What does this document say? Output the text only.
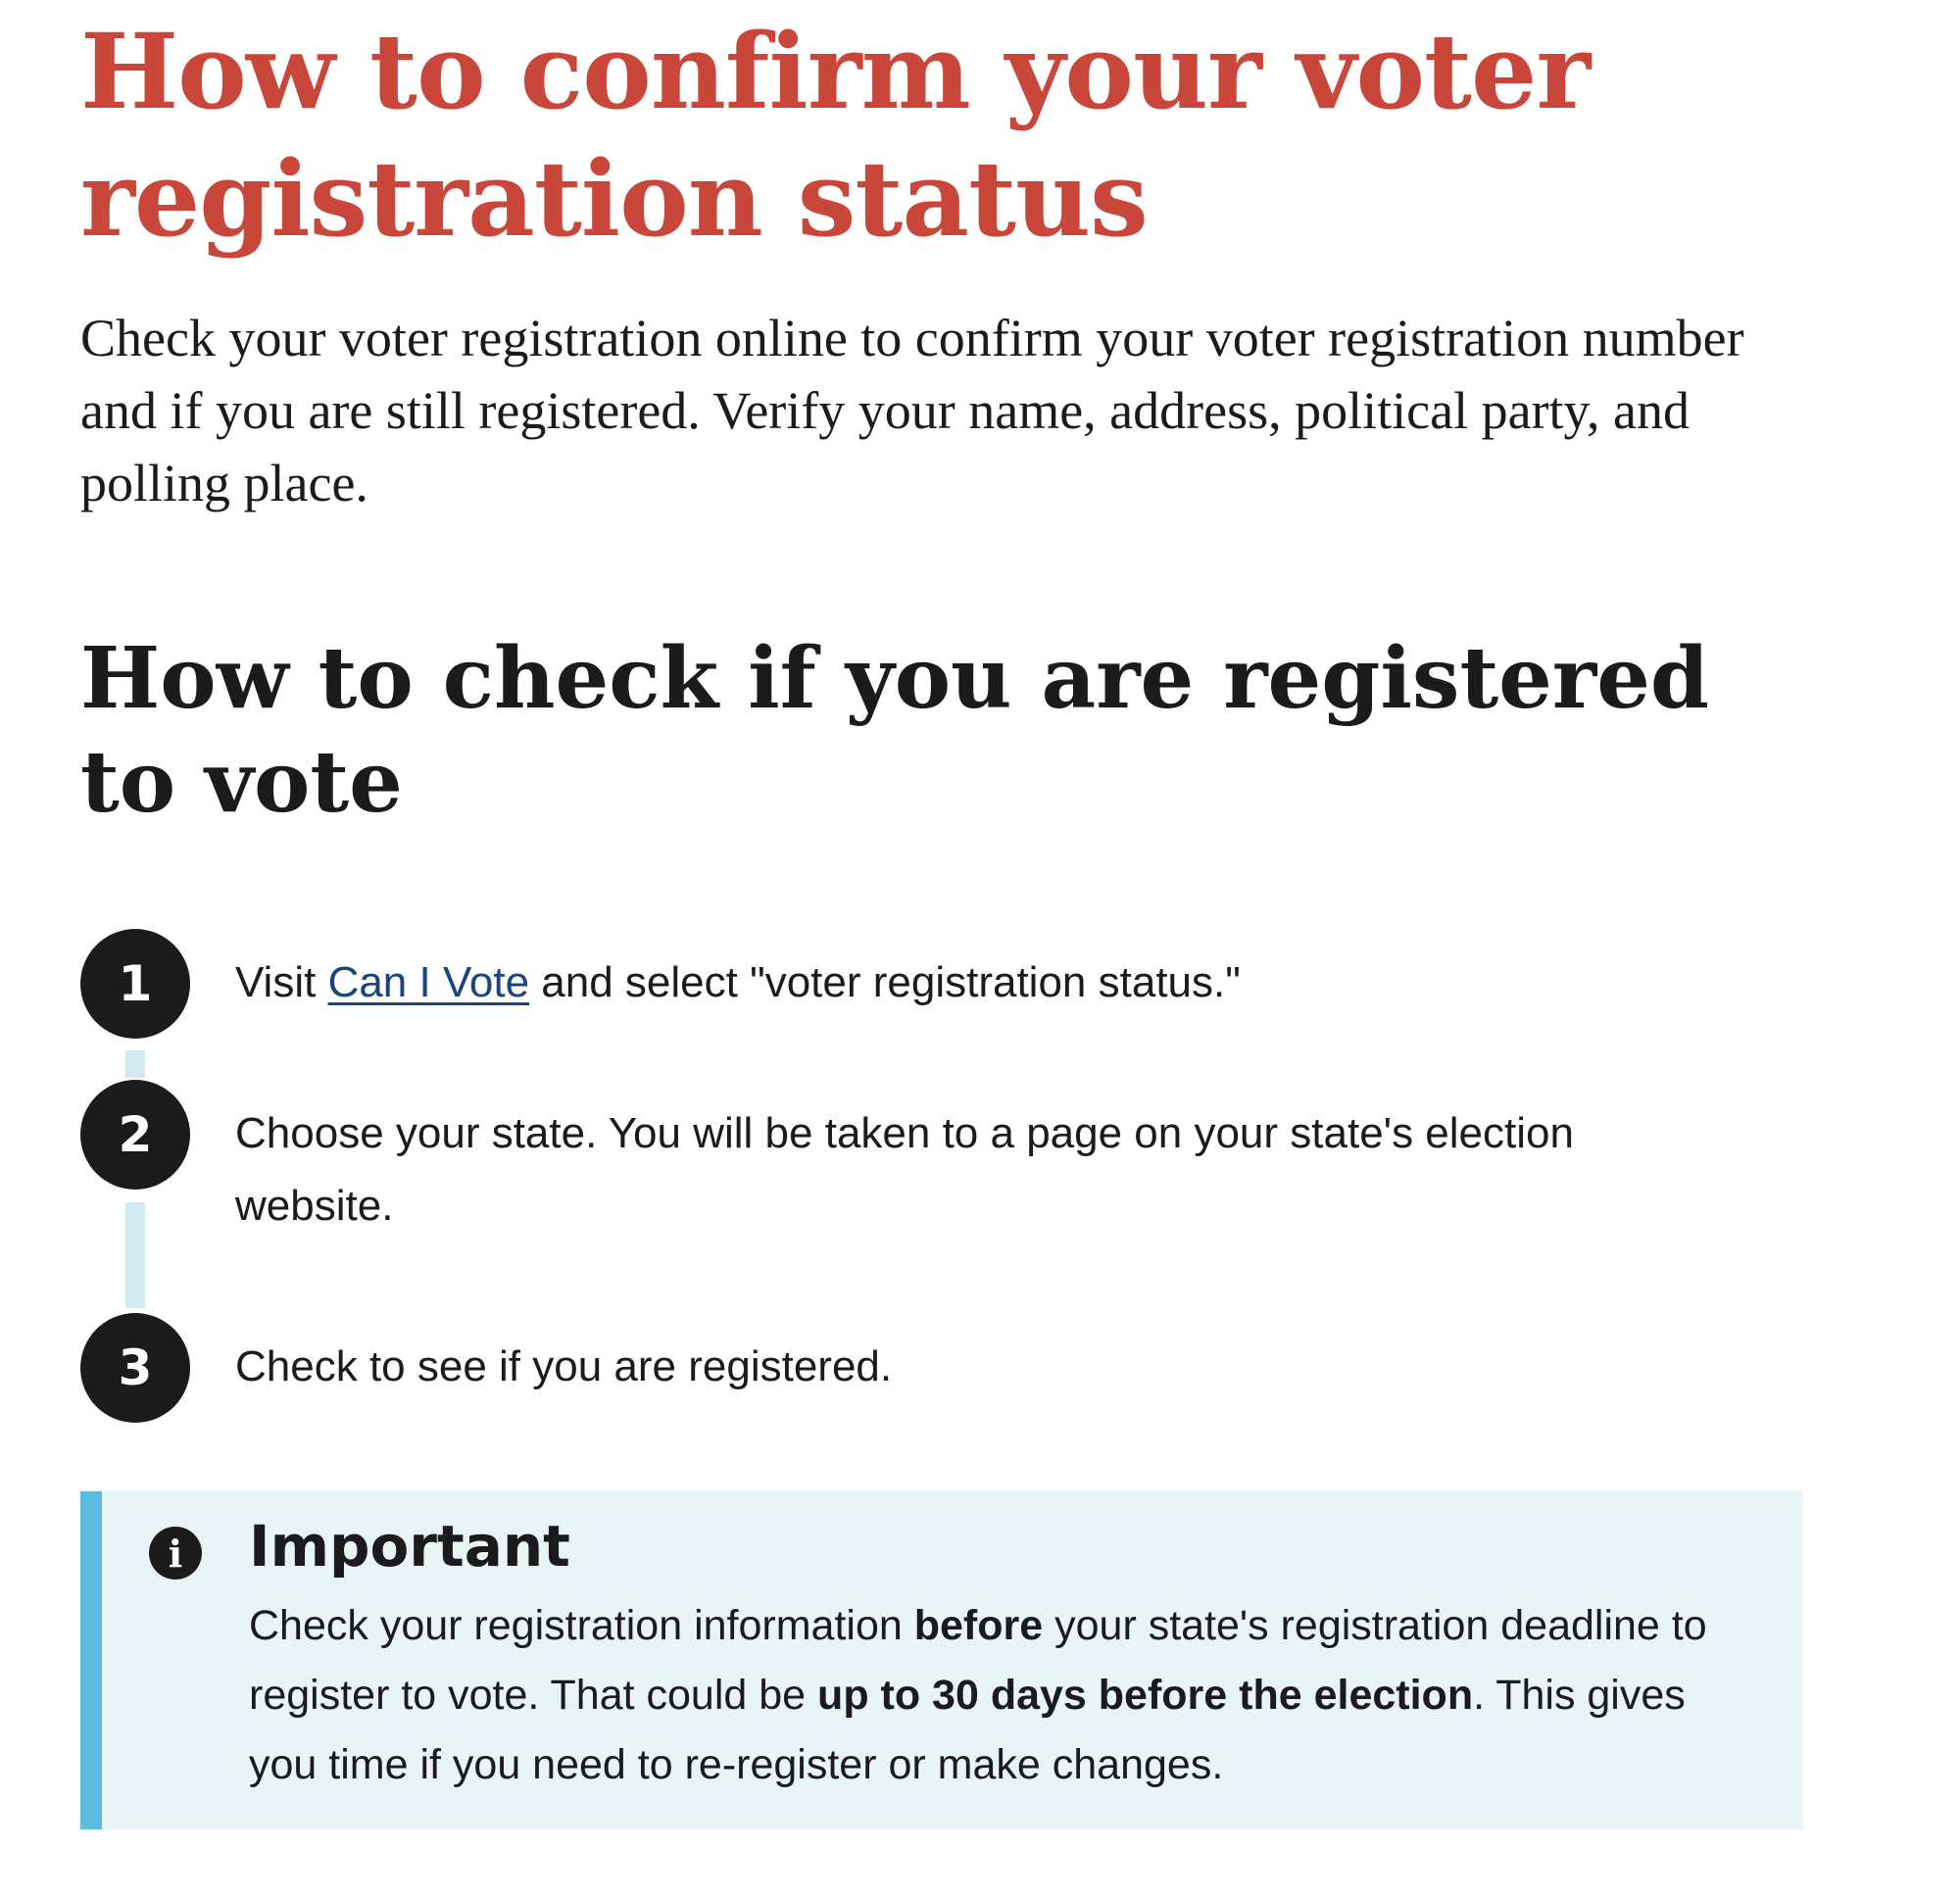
How to confirm your voter registration status

Check your voter registration online to confirm your voter registration number and if you are still registered. Verify your name, address, political party, and polling place.

How to check if you are registered to vote
1	Visit Can I Vote and select "voter registration status."
2	Choose your state. You will be taken to a page on your state's election website.
3	Check to see if you are registered.
i	Important

Check your registration information before your state's registration deadline to register to vote. That could be up to 30 days before the election. This gives you time if you need to re-register or make changes.
